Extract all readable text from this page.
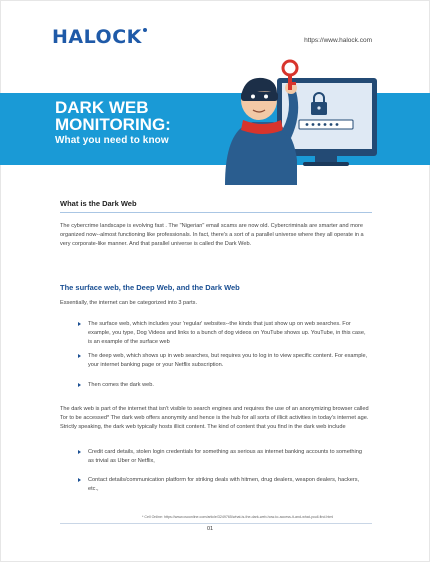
HALOCK	https://www.halock.com
DARK WEB
MONITORING:
What you need to know
What is the Dark Web

The cybercrime landscape is evolving fast . The "Nigerian" email scams are now old. Cybercriminals are smarter and more organized now--almost functioning like professionals. In fact, there's a sort of a parallel universe where they all operate in a very corporate-like manner. And that parallel universe is called the Dark Web.

The surface web, the Deep Web, and the Dark Web

Essentially, the internet can be categorized into 3 parts.

The surface web, which includes your 'regular' websites--the kinds that just show up on web searches. For example, you type, Dog Videos and links to a bunch of dog videos on YouTube shows up. YouTube, in this case, is an example of the surface web

The deep web, which shows up in web searches, but requires you to log in to view specific content. For example, your internet banking page or your Netflix subscription.

Then comes the dark web.

The dark web is part of the internet that isn't visible to search engines and requires the use of an anonymizing browser called Tor to be accessed* The dark web offers anonymity and hence is the hub for all sorts of illicit activities in today's internet age. Strictly speaking, the dark web typically hosts illicit content. The kind of content that you find in the dark web include

Credit card details, stolen login credentials for something as serious as internet banking accounts to something as trivial as Uber or Netflix,

Contact details/communication platform for striking deals with hitmen, drug dealers, weapon dealers, hackers, etc.,

* Cell Online: https://www.csoonline.com/article/3249765/what-is-the-dark-web-how-to-access-it-and-what-youll-find.html
01
